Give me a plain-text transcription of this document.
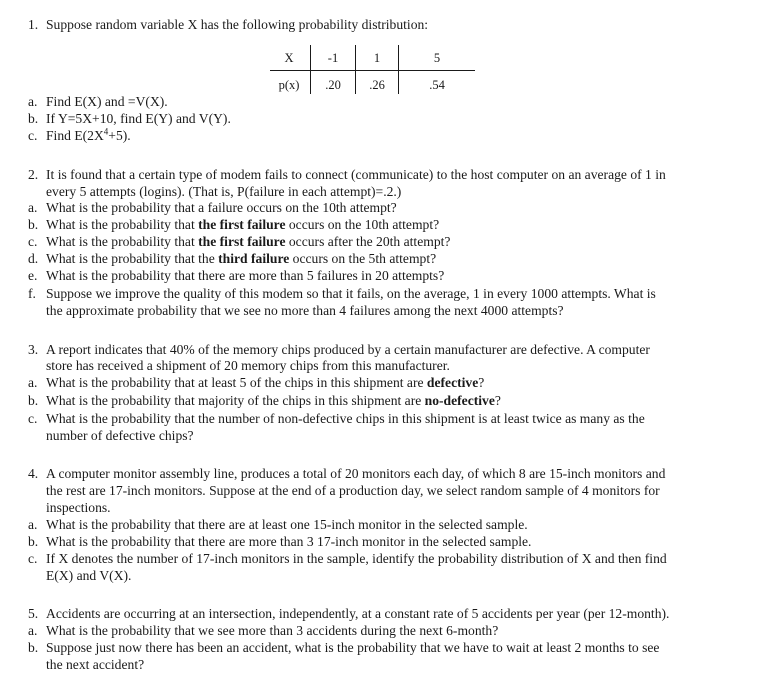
1. Suppose random variable X has the following probability distribution:
X	-1	1	5
p(x)	.20	.26	.54
a. Find E(X) and =V(X).
b. If Y=5X+10, find E(Y) and V(Y).
c. Find $E(2X^4+5)$.
2. It is found that a certain type of modem fails to connect (communicate) to the host computer on an average of 1 in
every 5 attempts (logins). (That is, P(failure in each attempt)=.2.)
a. What is the probability that a failure occurs on the 10th attempt?
b. What is the probability that the first failure occurs on the 10th attempt?
c. What is the probability that the first failure occurs after the 20th attempt?
d. What is the probability that the third failure occurs on the 5th attempt?
e. What is the probability that there are more than 5 failures in 20 attempts?
f. Suppose we improve the quality of this modem so that it fails, on the average, 1 in every 1000 attempts. What is
the approximate probability that we see no more than 4 failures among the next 4000 attempts?
3. A report indicates that 40% of the memory chips produced by a certain manufacturer are defective. A computer
store has received a shipment of 20 memory chips from this manufacturer.
a. What is the probability that at least 5 of the chips in this shipment are defective?
b. What is the probability that majority of the chips in this shipment are no-defective?
c. What is the probability that the number of non-defective chips in this shipment is at least twice as many as the
number of defective chips?
4. A computer monitor assembly line, produces a total of 20 monitors each day, of which 8 are 15-inch monitors and
the rest are 17-inch monitors. Suppose at the end of a production day, we select random sample of 4 monitors for
inspections.
a. What is the probability that there are at least one 15-inch monitor in the selected sample.
b. What is the probability that there are more than 3 17-inch monitor in the selected sample.
c. If X denotes the number of 17-inch monitors in the sample, identify the probability distribution of X and then find
E(X) and V(X).
5. Accidents are occurring at an intersection, independently, at a constant rate of 5 accidents per year (per 12-month).
a. What is the probability that we see more than 3 accidents during the next 6-month?
b. Suppose just now there has been an accident, what is the probability that we have to wait at least 2 months to see
the next accident?
